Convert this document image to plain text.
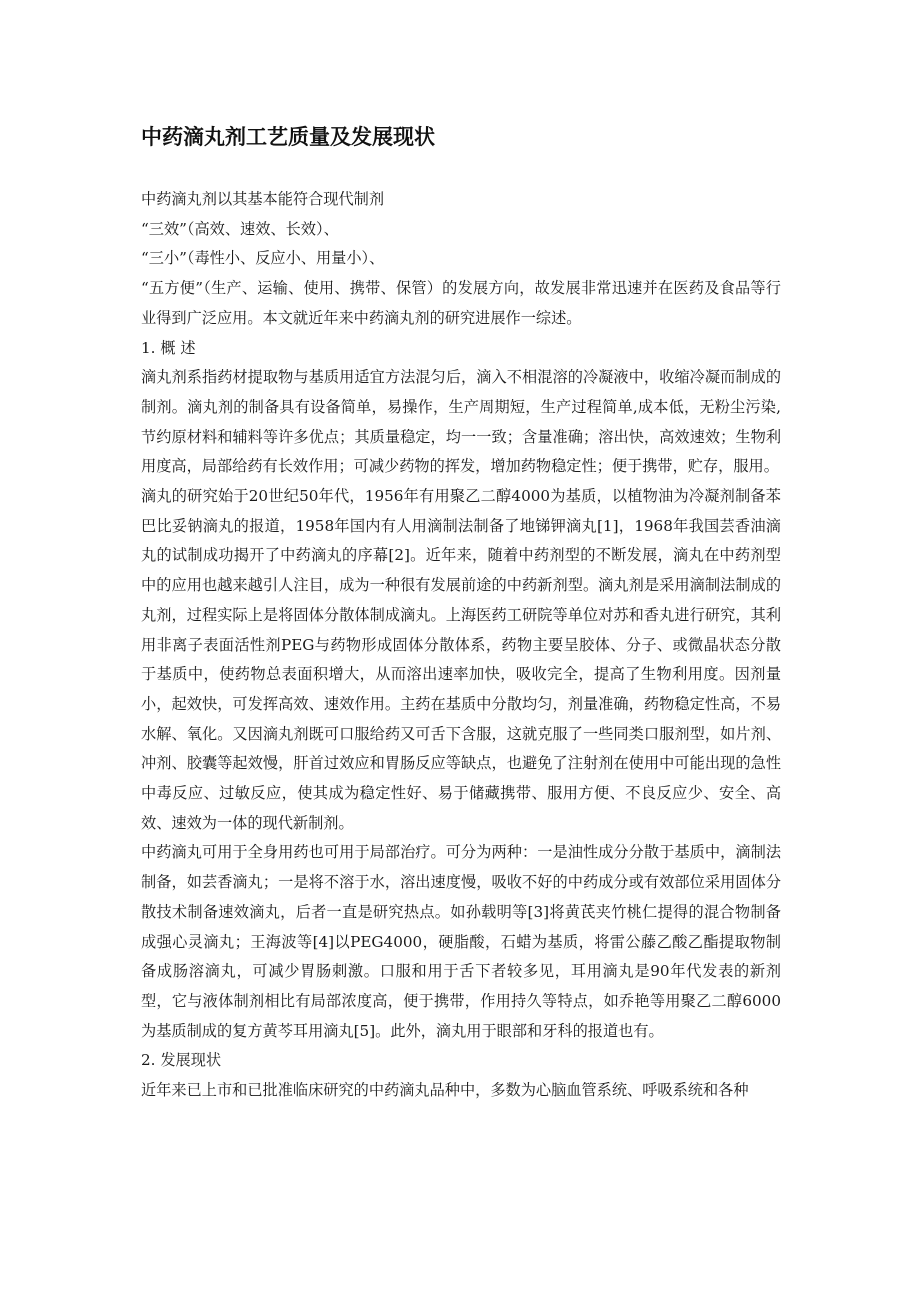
中药滴丸剂工艺质量及发展现状

中药滴丸剂以其基本能符合现代制剂

“三效”（高效、速效、长效）、

“三小”（毒性小、反应小、用量小）、

“五方便”（生产、运输、使用、携带、保管）的发展方向，故发展非常迅速并在医药及食品等行业得到广泛应用。本文就近年来中药滴丸剂的研究进展作一综述。

1. 概 述

滴丸剂系指药材提取物与基质用适宜方法混匀后，滴入不相混溶的冷凝液中，收缩冷凝而制成的制剂。滴丸剂的制备具有设备简单，易操作，生产周期短，生产过程简单,成本低，无粉尘污染,节约原材料和辅料等许多优点；其质量稳定，均一一致；含量准确；溶出快，高效速效；生物利用度高，局部给药有长效作用；可减少药物的挥发，增加药物稳定性；便于携带，贮存，服用。

滴丸的研究始于20世纪50年代，1956年有用聚乙二醇4000为基质，以植物油为冷凝剂制备苯巴比妥钠滴丸的报道，1958年国内有人用滴制法制备了地锑钾滴丸[1]，1968年我国芸香油滴丸的试制成功揭开了中药滴丸的序幕[2]。近年来，随着中药剂型的不断发展，滴丸在中药剂型中的应用也越来越引人注目，成为一种很有发展前途的中药新剂型。滴丸剂是采用滴制法制成的丸剂，过程实际上是将固体分散体制成滴丸。上海医药工研院等单位对苏和香丸进行研究，其利用非离子表面活性剂PEG与药物形成固体分散体系，药物主要呈胶体、分子、或微晶状态分散于基质中，使药物总表面积增大，从而溶出速率加快，吸收完全，提高了生物利用度。因剂量小，起效快，可发挥高效、速效作用。主药在基质中分散均匀，剂量准确，药物稳定性高，不易水解、氧化。又因滴丸剂既可口服给药又可舌下含服，这就克服了一些同类口服剂型，如片剂、冲剂、胶囊等起效慢，肝首过效应和胃肠反应等缺点，也避免了注射剂在使用中可能出现的急性中毒反应、过敏反应，使其成为稳定性好、易于储藏携带、服用方便、不良反应少、安全、高效、速效为一体的现代新制剂。

中药滴丸可用于全身用药也可用于局部治疗。可分为两种：一是油性成分分散于基质中，滴制法制备，如芸香滴丸；一是将不溶于水，溶出速度慢，吸收不好的中药成分或有效部位采用固体分散技术制备速效滴丸，后者一直是研究热点。如孙载明等[3]将黄芪夹竹桃仁提得的混合物制备成强心灵滴丸；王海波等[4]以PEG4000，硬脂酸，石蜡为基质，将雷公藤乙酸乙酯提取物制备成肠溶滴丸，可减少胃肠刺激。口服和用于舌下者较多见，耳用滴丸是90年代发表的新剂型，它与液体制剂相比有局部浓度高，便于携带，作用持久等特点，如乔艳等用聚乙二醇6000为基质制成的复方黄芩耳用滴丸[5]。此外，滴丸用于眼部和牙科的报道也有。

2. 发展现状

近年来已上市和已批准临床研究的中药滴丸品种中，多数为心脑血管系统、呼吸系统和各种
